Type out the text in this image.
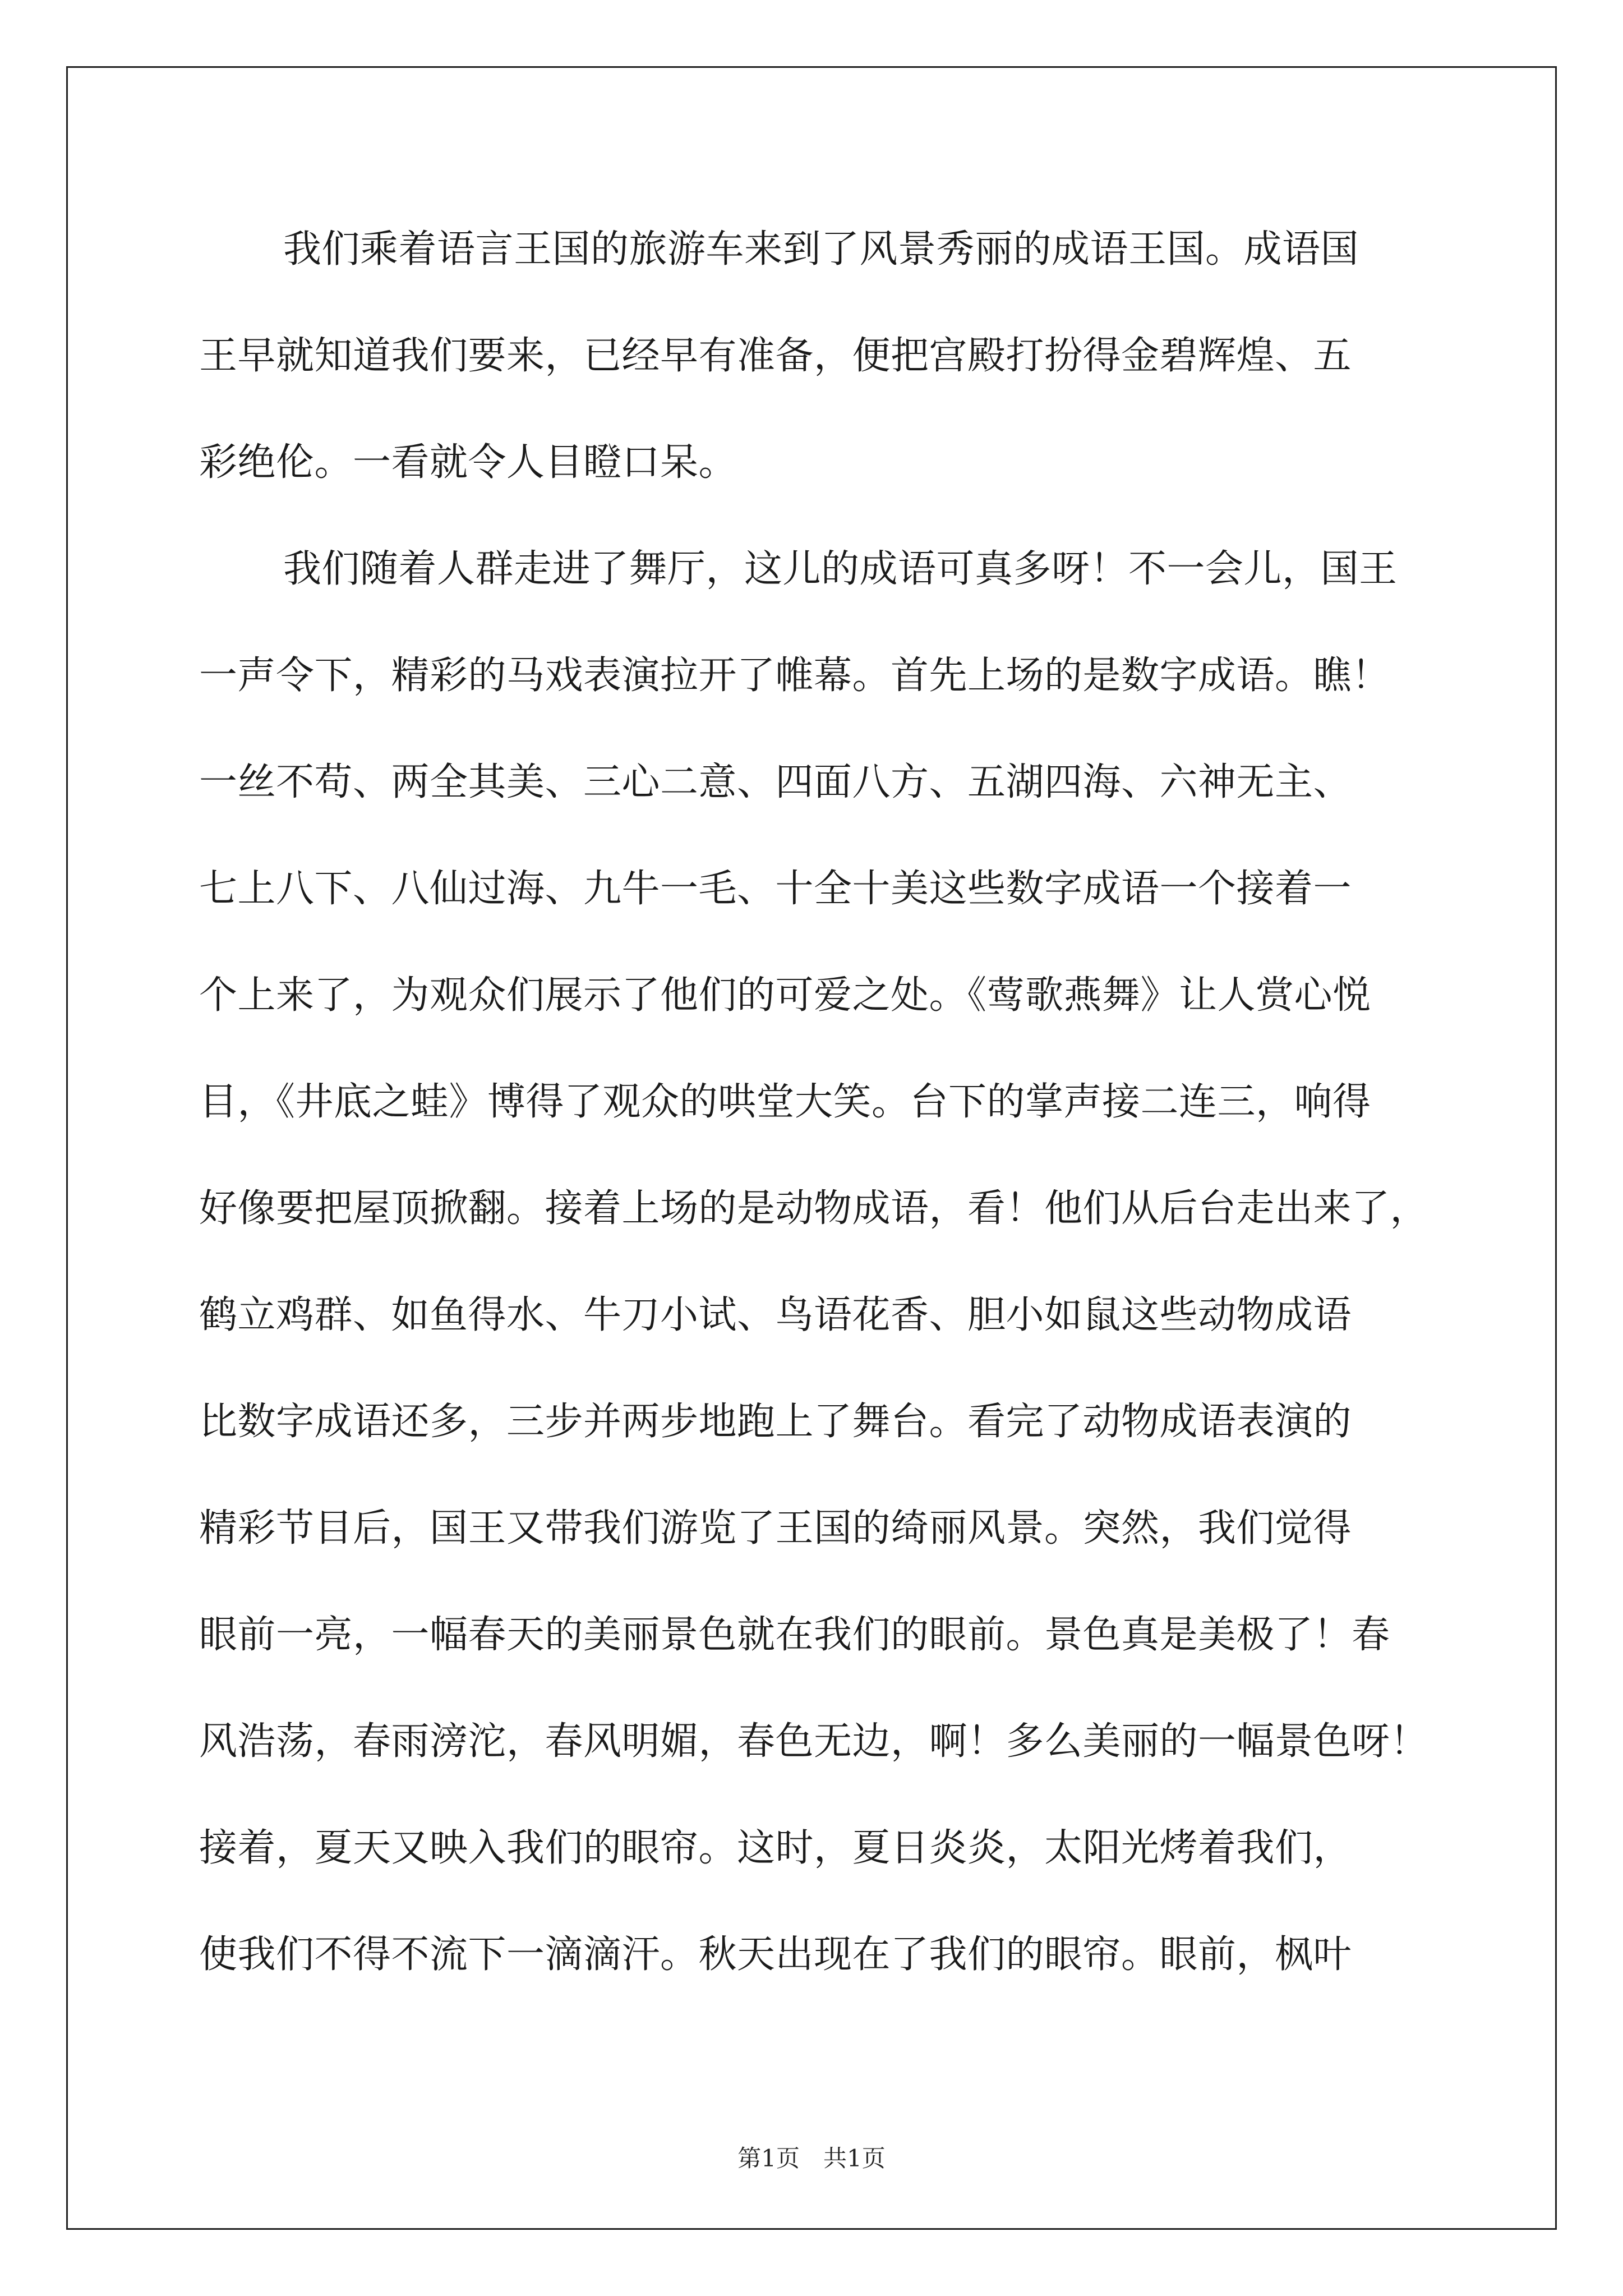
我们乘着语言王国的旅游车来到了风景秀丽的成语王国。成语国
王早就知道我们要来，已经早有准备，便把宫殿打扮得金碧辉煌、五
彩绝伦。一看就令人目瞪口呆。
我们随着人群走进了舞厅，这儿的成语可真多呀！不一会儿，国王
一声令下，精彩的马戏表演拉开了帷幕。首先上场的是数字成语。瞧！
一丝不苟、两全其美、三心二意、四面八方、五湖四海、六神无主、
七上八下、八仙过海、九牛一毛、十全十美这些数字成语一个接着一
个上来了，为观众们展示了他们的可爱之处。《莺歌燕舞》让人赏心悦
目，《井底之蛙》博得了观众的哄堂大笑。台下的掌声接二连三，响得
好像要把屋顶掀翻。接着上场的是动物成语，看！他们从后台走出来了，
鹤立鸡群、如鱼得水、牛刀小试、鸟语花香、胆小如鼠这些动物成语
比数字成语还多，三步并两步地跑上了舞台。看完了动物成语表演的
精彩节目后，国王又带我们游览了王国的绮丽风景。突然，我们觉得
眼前一亮，一幅春天的美丽景色就在我们的眼前。景色真是美极了！春
风浩荡，春雨滂沱，春风明媚，春色无边，啊！多么美丽的一幅景色呀！
接着，夏天又映入我们的眼帘。这时，夏日炎炎，太阳光烤着我们，
使我们不得不流下一滴滴汗。秋天出现在了我们的眼帘。眼前，枫叶
第1页　共1页
